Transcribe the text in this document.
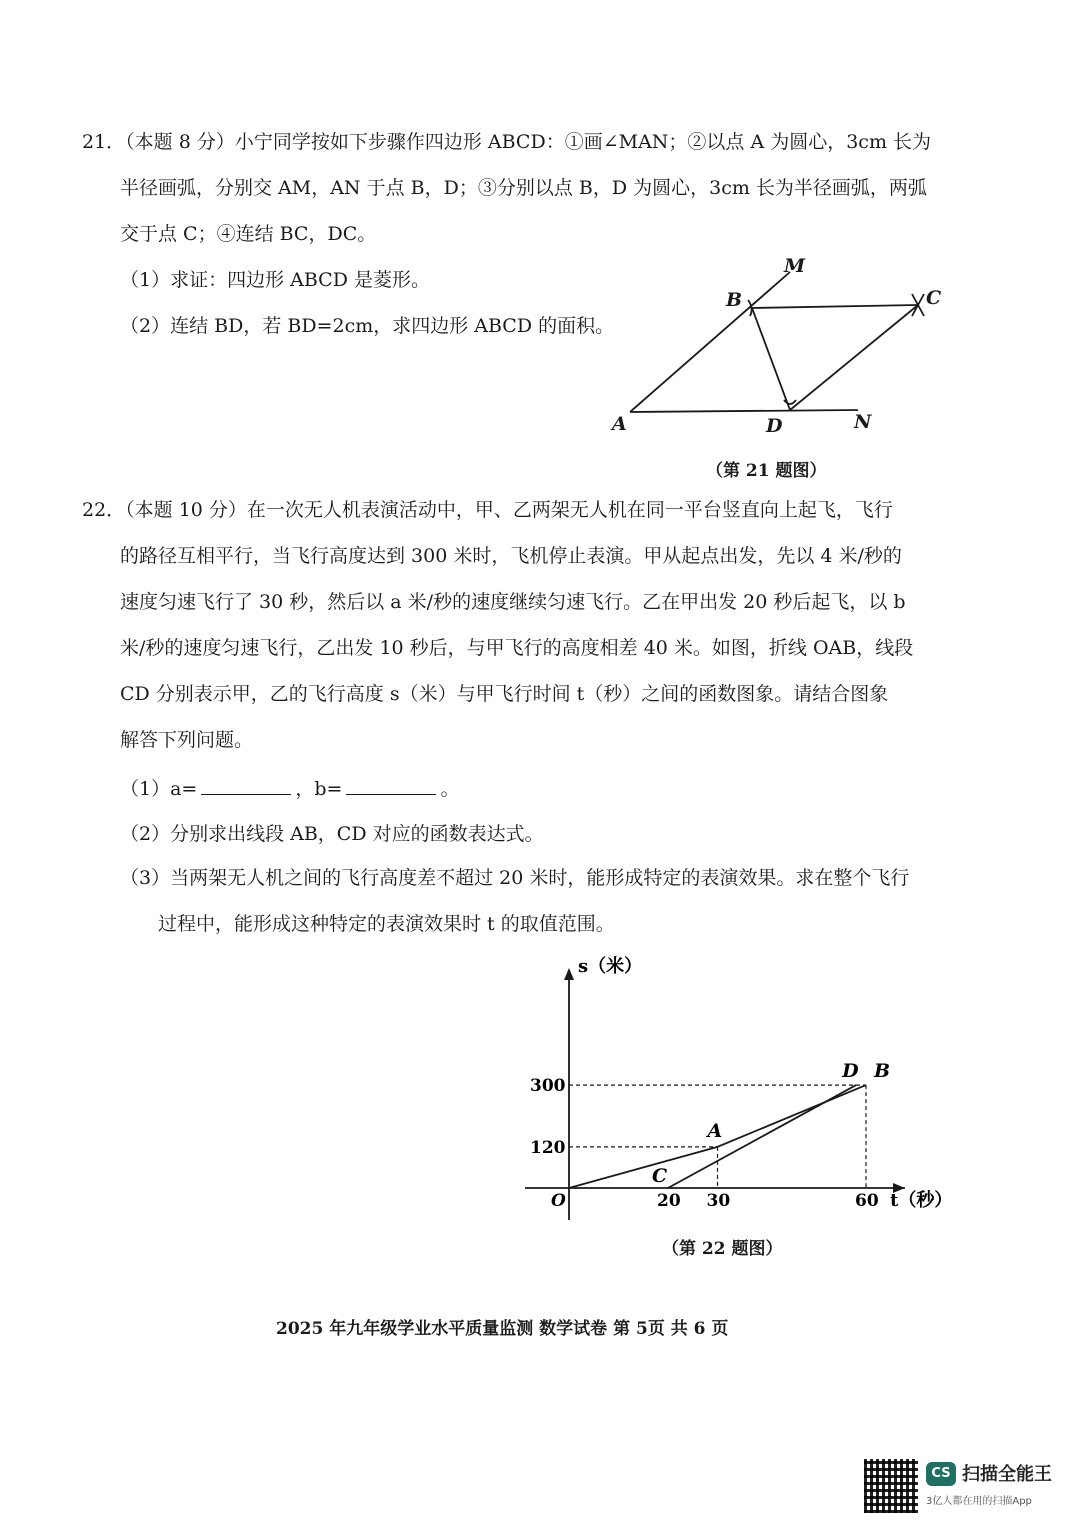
21．（本题 8 分）小宁同学按如下步骤作四边形 ABCD：①画∠MAN；②以点 A 为圆心，3cm 长为
半径画弧，分别交 AM，AN 于点 B，D；③分别以点 B，D 为圆心，3cm 长为半径画弧，两弧
交于点 C；④连结 BC，DC。
（1）求证：四边形 ABCD 是菱形。
（2）连结 BD，若 BD=2cm，求四边形 ABCD 的面积。
M
B	C
A	D	N
（第 21 题图）
22．（本题 10 分）在一次无人机表演活动中，甲、乙两架无人机在同一平台竖直向上起飞，飞行
的路径互相平行，当飞行高度达到 300 米时，飞机停止表演。甲从起点出发，先以 4 米/秒的
速度匀速飞行了 30 秒，然后以 a 米/秒的速度继续匀速飞行。乙在甲出发 20 秒后起飞，以 b
米/秒的速度匀速飞行，乙出发 10 秒后，与甲飞行的高度相差 40 米。如图，折线 OAB，线段
CD 分别表示甲，乙的飞行高度 s（米）与甲飞行时间 t（秒）之间的函数图象。请结合图象
解答下列问题。
（1）a=	，b=	。
（2）分别求出线段 AB，CD 对应的函数表达式。
（3）当两架无人机之间的飞行高度差不超过 20 米时，能形成特定的表演效果。求在整个飞行
过程中，能形成这种特定的表演效果时 t 的取值范围。
s（米）
t（秒）
O	20 30	60
120
300
A
B
C
D
（第 22 题图）
2025 年九年级学业水平质量监测 数学试卷 第 5页 共 6 页
CS 扫描全能王
3亿人都在用的扫描App
